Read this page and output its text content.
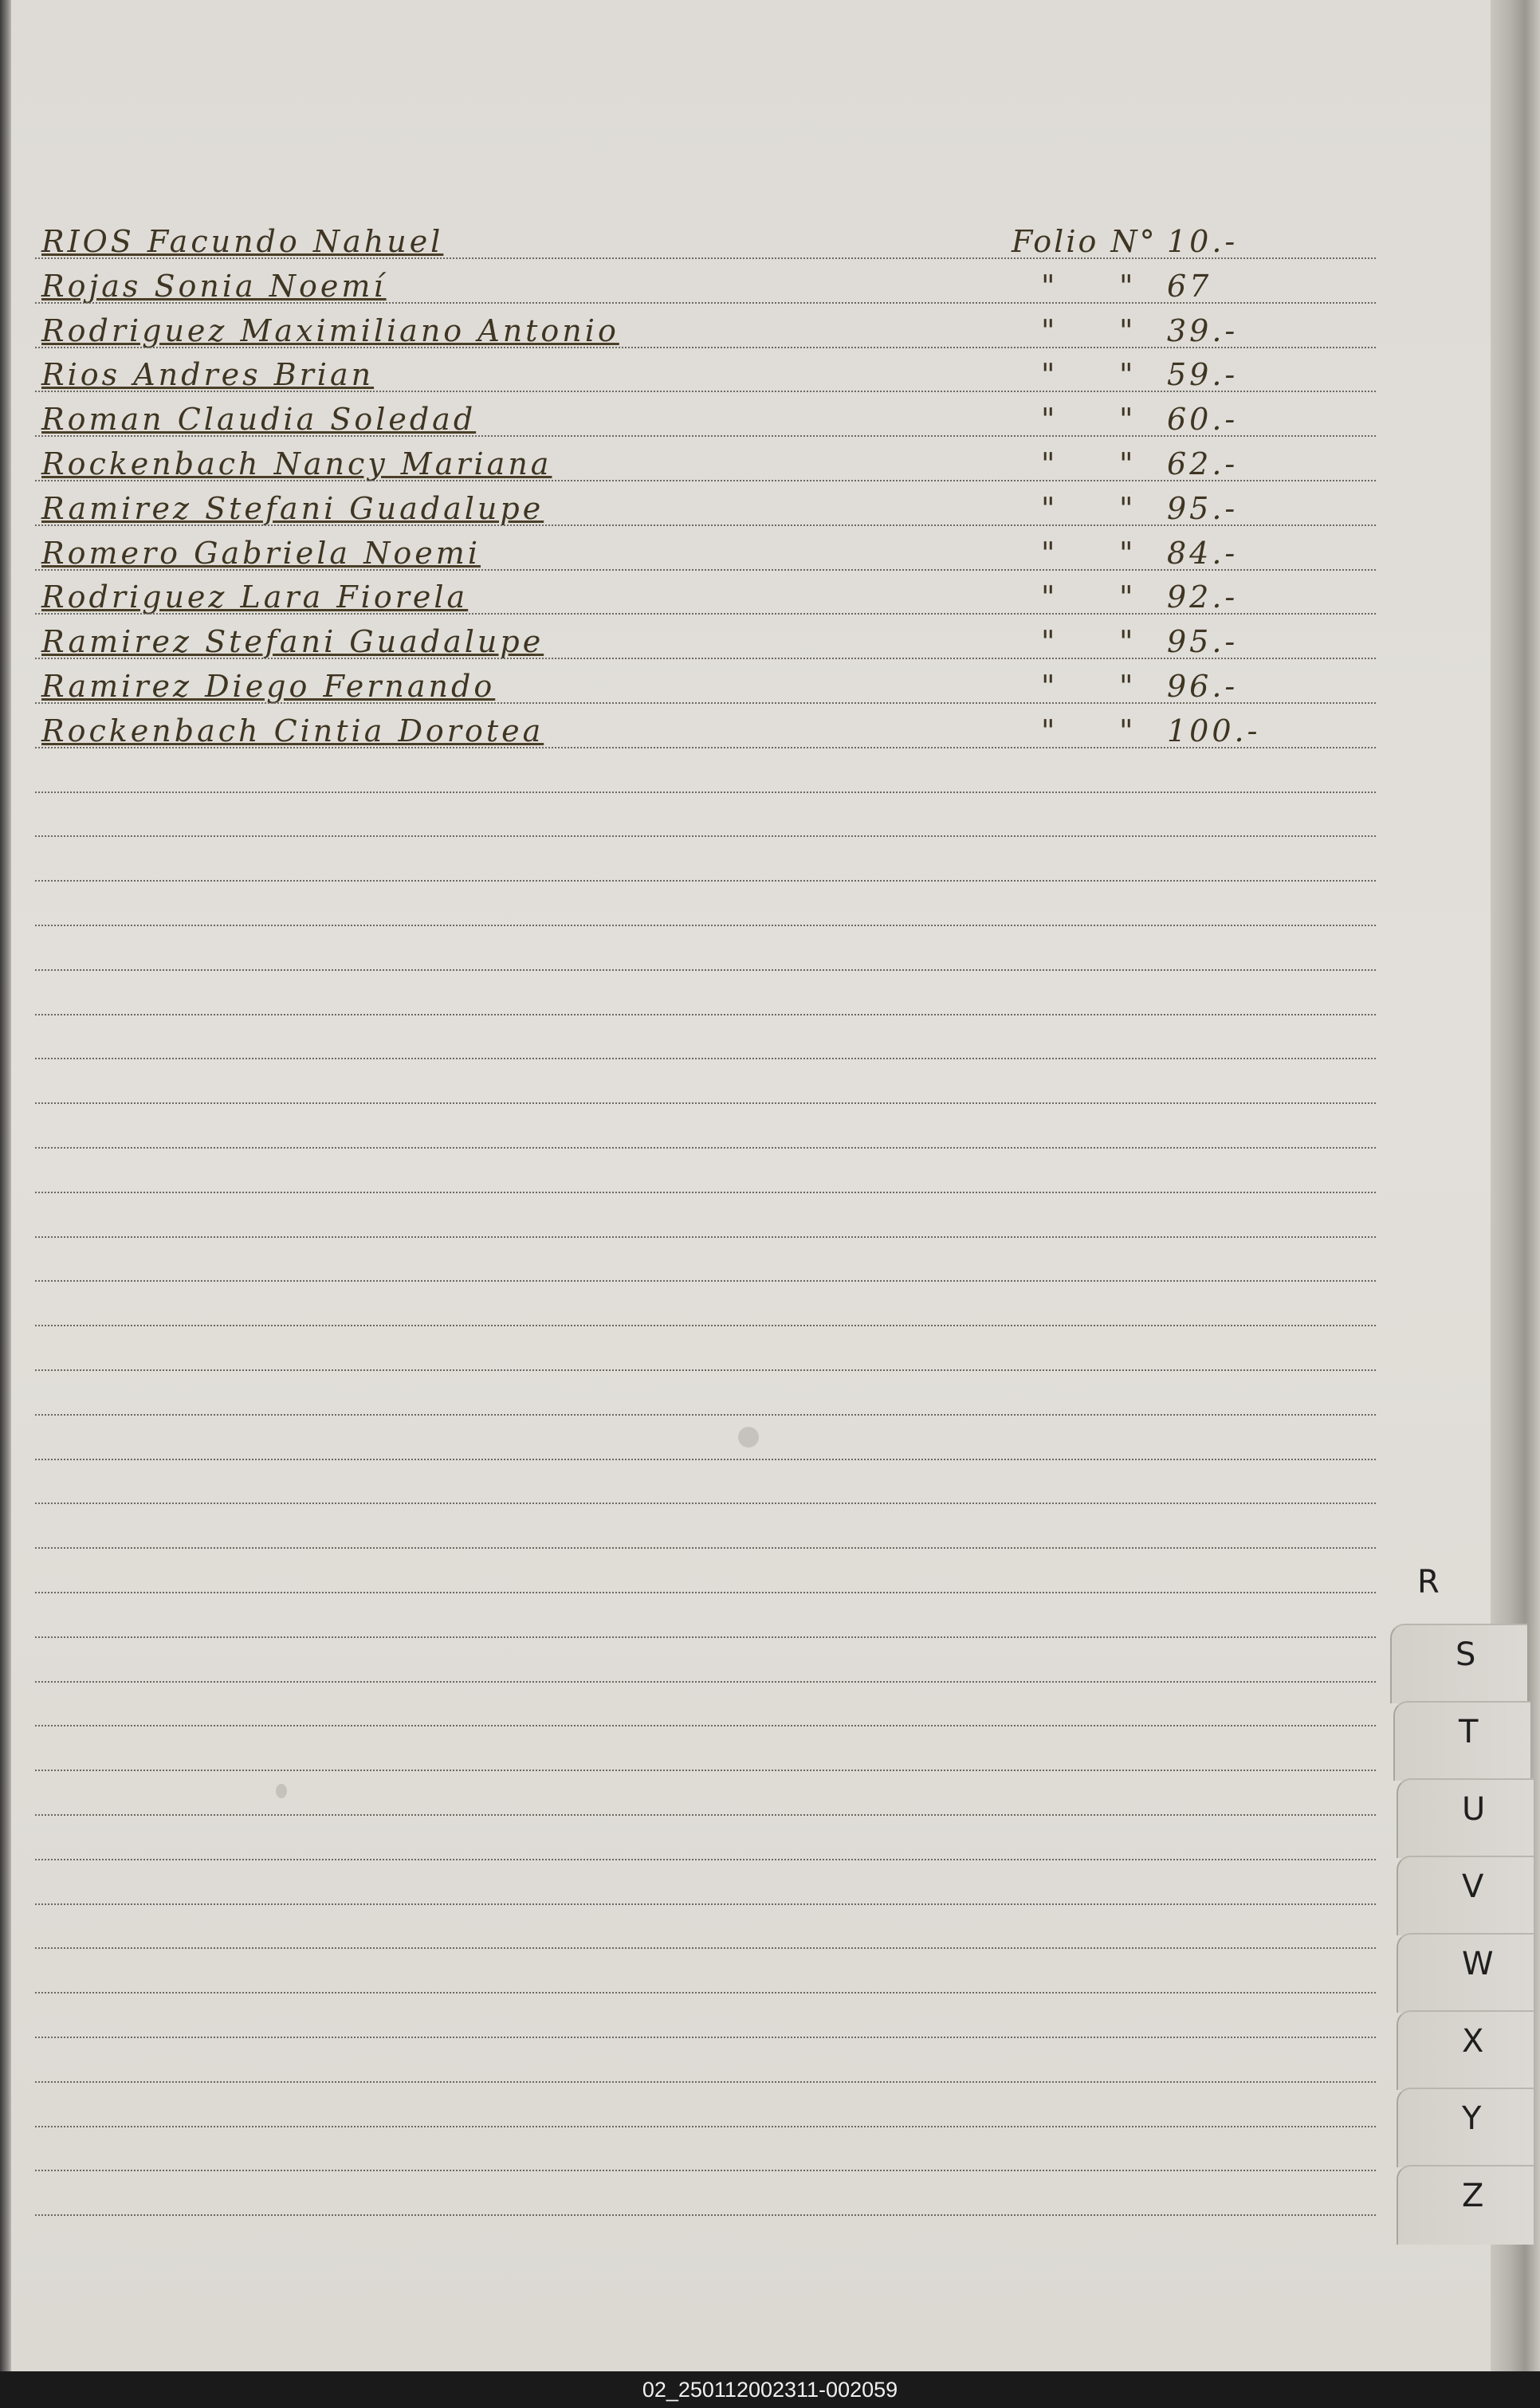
RIOS Facundo Nahuel	Folio N° 10.-
Rojas Sonia Noemí	" " 67
Rodriguez Maximiliano Antonio	" " 39.-
Rios Andres Brian	" " 59.-
Roman Claudia Soledad	" " 60.-
Rockenbach Nancy Mariana	" " 62.-
Ramirez Stefani Guadalupe	" " 95.-
Romero Gabriela Noemi	" " 84.-
Rodriguez Lara Fiorela	" " 92.-
Ramirez Stefani Guadalupe	" " 95.-
Ramirez Diego Fernando	" " 96.-
Rockenbach Cintia Dorotea	" " 100.-
R
S
T
U
V
W
X
Y
Z
02_250112002311-002059
